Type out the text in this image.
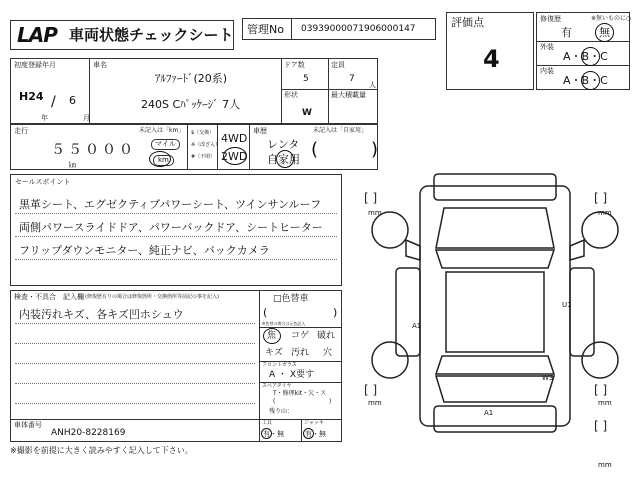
LAP 車両状態チェックシート 管理No 03939000071906000147	評価点
4
修復歴	※無いものに○
有 無
外装
A・B・C
内装
A・B・C
初度登録年月
H24 / 6
年	月
車名
ｱﾙﾌｧｰﾄﾞ(20系)
240S Cﾊﾟｯｹｰｼﾞ 7人
ドア数
5
定員
7
人
形状
W
最大積載量
走行
５５０００
㎞
未記入は「km」
マイル
km
$（交換）
※（改ざん）
#（不明）
4WD
2WD
車歴	未記入は「自家用」
レンタ
自家用 (	)
セールスポイント
黒革シート、エグゼクティブパワーシート、ツインサンルーフ
両側パワースライドドア、パワーバックドア、シートヒーター
フリップダウンモニター、純正ナビ、バックカメラ
検査・不具合　記入欄 (修復歴有りの場合は修復箇所・交換箇所等前記の事を記入)
内装汚れキズ、各キズ凹ホシュウ
車体番号
ANH20-8228169
□色替車
(	)
※色替の場合は元色記入
焦 コゲ 破れ
キズ 汚れ 穴
フロントガラス
A ・ X要す
スペアタイヤ
T・修理kit・欠・ス
(	)
残り山：
工具
有・無
ジャッキ
有・無
※撮影を前提に大きく読みやすく記入して下さい。
[ ]	[ ]
[ ]	[ ]
[ ]
mm	mm
mm	mm
mm
A1
U1
W3
A1
